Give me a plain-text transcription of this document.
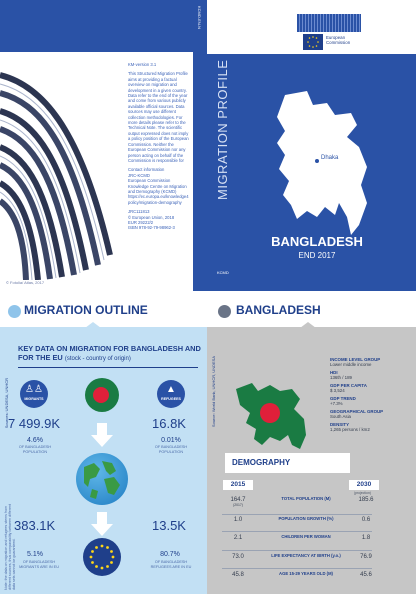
KM-version 3.1
This Structured Migration Profile aims at providing a factual overview on migration and development in a given country. Data refer to the end of the year and come from various publicly available official sources. Data sources may use different collection methodologies. For more details please refer to the Technical Note. The scientific output expressed does not imply a policy position of the European Commission. Neither the European Commission nor any person acting on behalf of the Commission is responsible for
Contact information
JRC-KCMD
European Commission Knowledge Centre on Migration and Demography (KCMD)
https://ec.europa.eu/knowledge4policy/migration-demography
JRC111813
© European Union, 2018
EUR 29222/2
ISBN 978-92-79-98962-3
© Fotolia/ Atlas, 2017
KCMD-EN-N
European
Commission
MIGRATION PROFILE	Dhaka
BANGLADESH
END 2017
KCMD
MIGRATION OUTLINE	BANGLADESH
KEY DATA ON MIGRATION FOR BANGLADESH AND FOR THE EU (stock - country of origin)
Sources: UNDESA, UNHCR
Note: the data on migration and refugees stems from different sources, thus comparability between different data sets cannot be guaranteed.
♙♙
MIGRANTS
▲
REFUGEES
7 499.9K	16.8K
4.6%
OF BANGLADESH POPULATION
0.01%
OF BANGLADESH POPULATION
383.1K	13.5K
5.1%
OF BANGLADESH MIGRANTS ARE IN EU
80.7%
OF BANGLADESH REFUGEES ARE IN EU
Source: World Bank, UNHCR, UNDESA	INCOME LEVEL GROUP
Lower middle income
HDI
136th / 189
GDP PER CAPITA
$ 3,524
GDP TREND
+7.3%
GEOGRAPHICAL GROUP
South Asia
DENSITY
1,265 persons / km2
DEMOGRAPHY
2015	2030
(projection)
164.7
(2017)
TOTAL POPULATION (M)	185.6
1.0	POPULATION GROWTH (%)	0.6
2.1	CHILDREN PER WOMAN	1.8
73.0	LIFE EXPECTANCY AT BIRTH (y.o.)	76.9
45.8	AGE 15-29 YEARS OLD (M)	45.6
